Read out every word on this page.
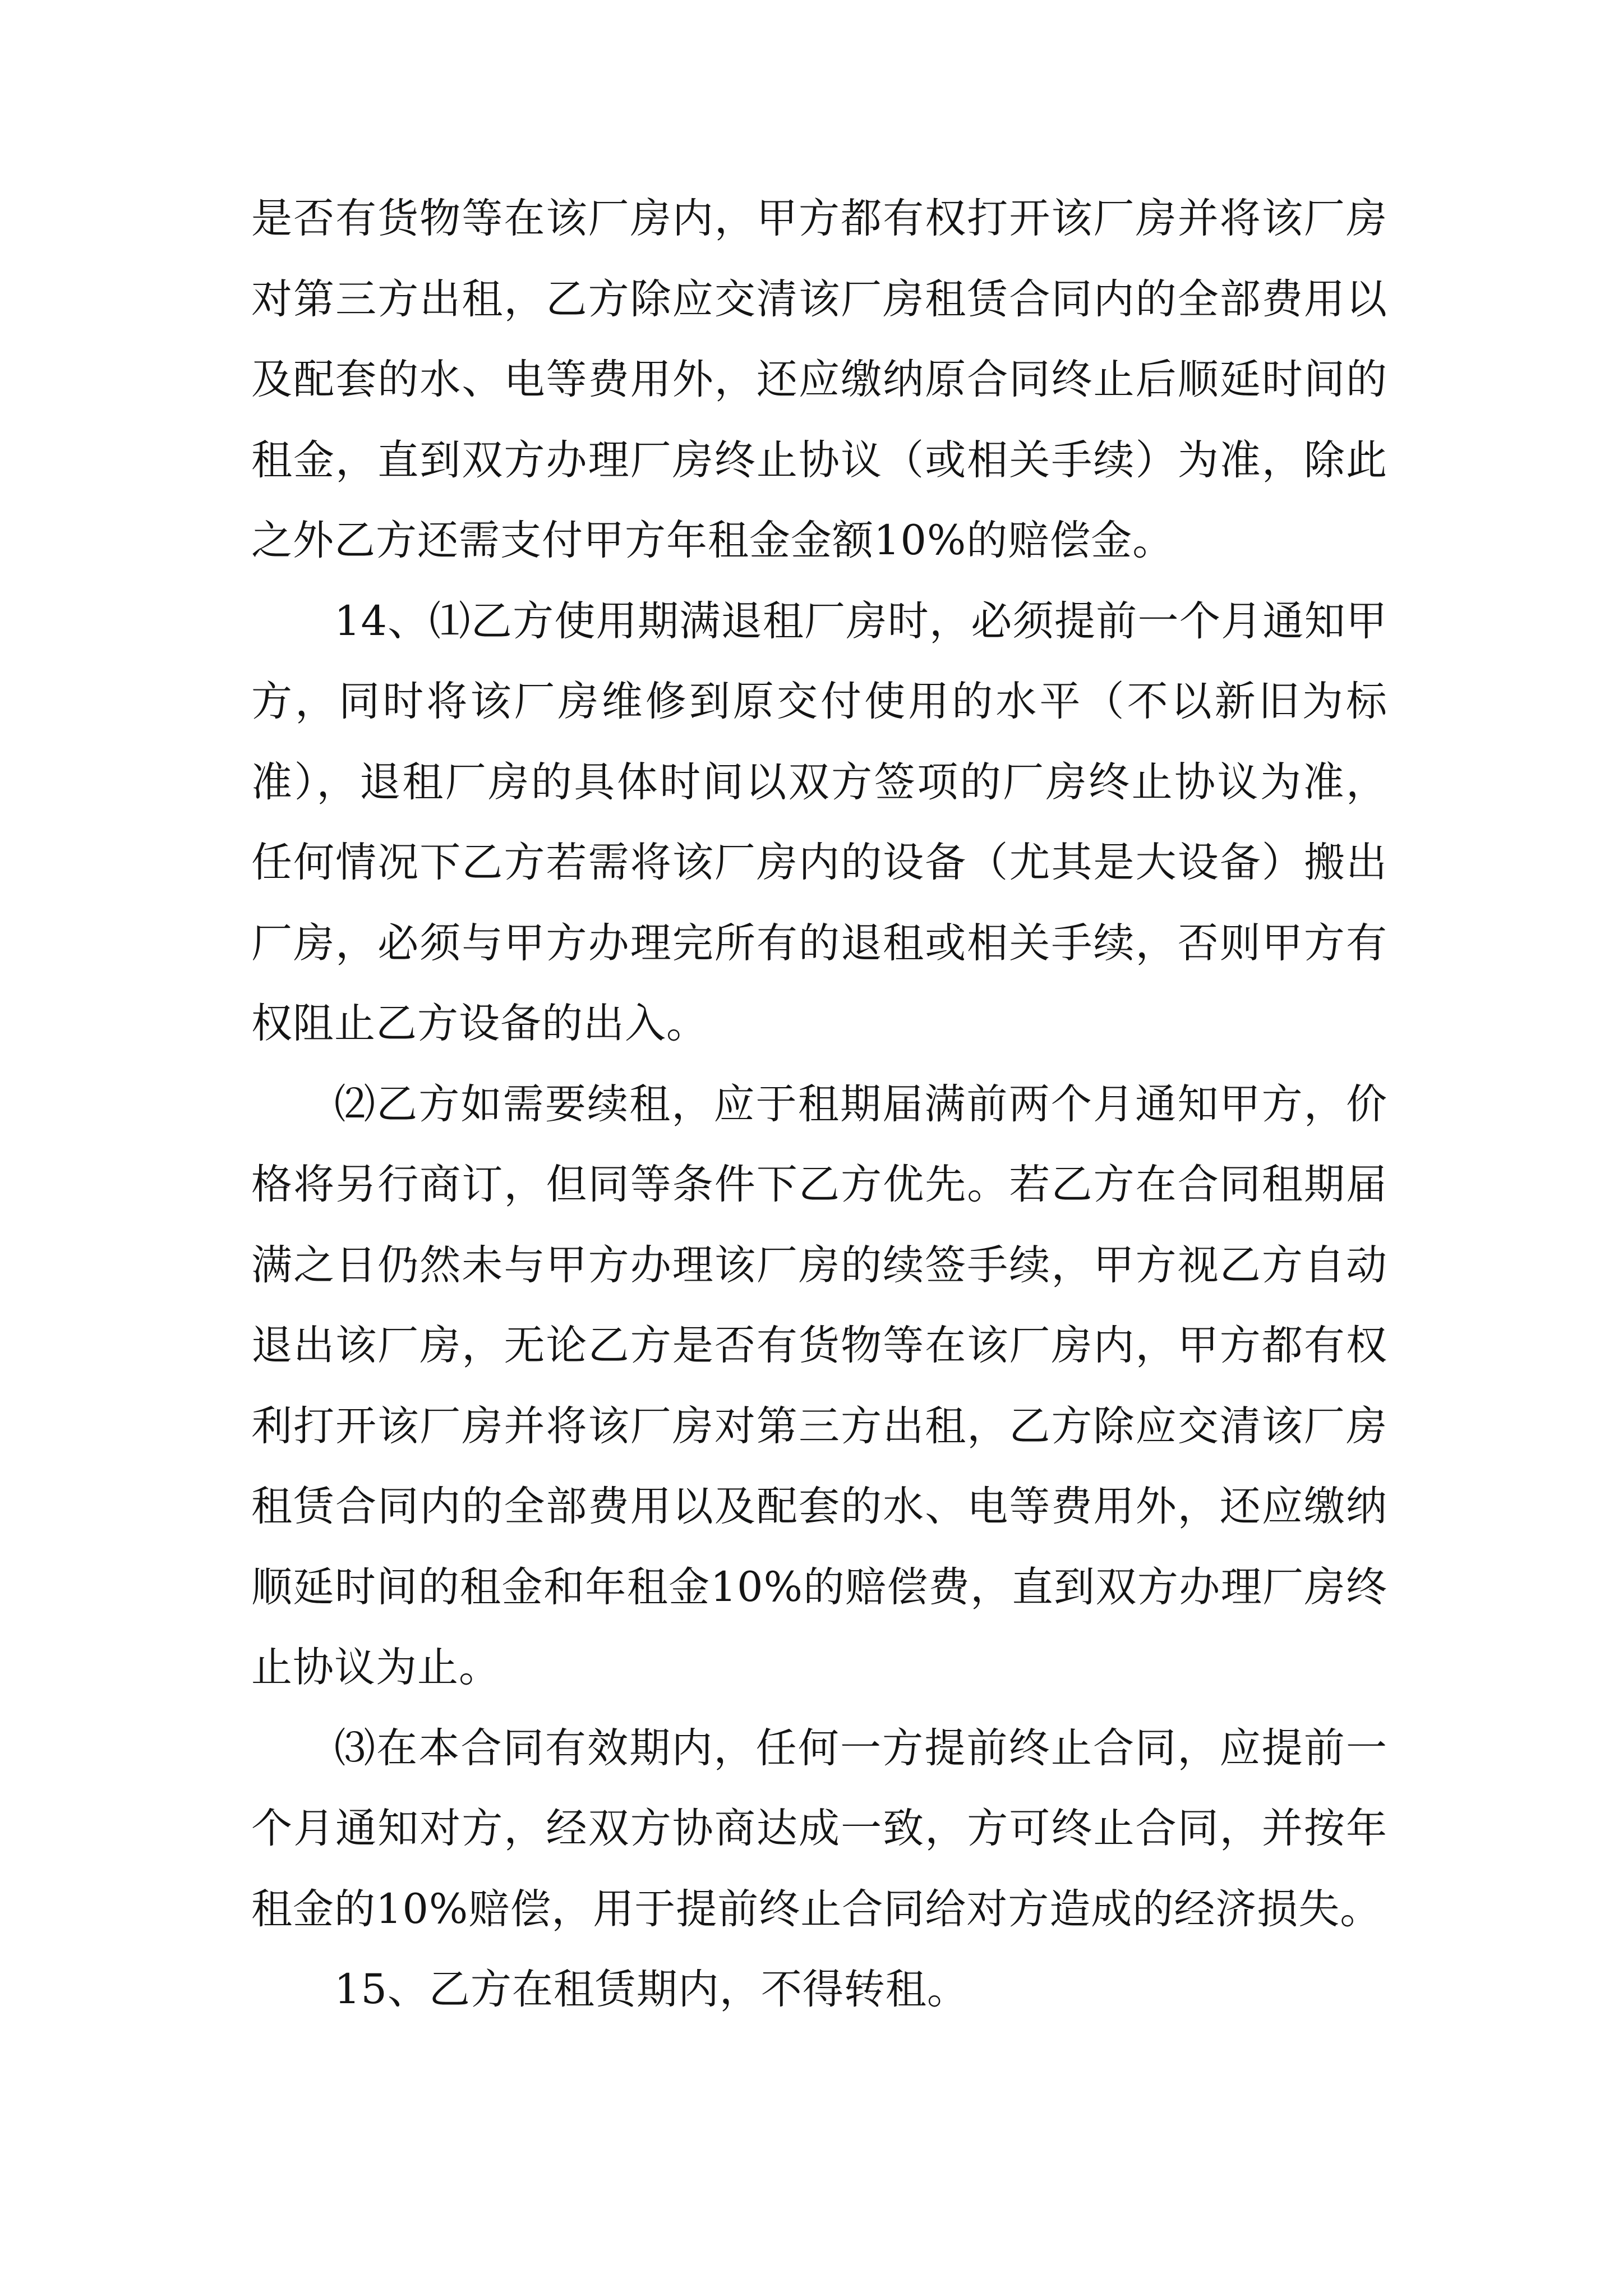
是否有货物等在该厂房内，甲方都有权打开该厂房并将该厂房对第三方出租，乙方除应交清该厂房租赁合同内的全部费用以及配套的水、电等费用外，还应缴纳原合同终止后顺延时间的租金，直到双方办理厂房终止协议（或相关手续）为准，除此之外乙方还需支付甲方年租金金额10%的赔偿金。

14、⑴乙方使用期满退租厂房时，必须提前一个月通知甲方，同时将该厂房维修到原交付使用的水平（不以新旧为标准），退租厂房的具体时间以双方签项的厂房终止协议为准，任何情况下乙方若需将该厂房内的设备（尤其是大设备）搬出厂房，必须与甲方办理完所有的退租或相关手续，否则甲方有权阻止乙方设备的出入。

⑵乙方如需要续租，应于租期届满前两个月通知甲方，价格将另行商订，但同等条件下乙方优先。若乙方在合同租期届满之日仍然未与甲方办理该厂房的续签手续，甲方视乙方自动退出该厂房，无论乙方是否有货物等在该厂房内，甲方都有权利打开该厂房并将该厂房对第三方出租，乙方除应交清该厂房租赁合同内的全部费用以及配套的水、电等费用外，还应缴纳顺延时间的租金和年租金10%的赔偿费，直到双方办理厂房终止协议为止。

⑶在本合同有效期内，任何一方提前终止合同，应提前一个月通知对方，经双方协商达成一致，方可终止合同，并按年租金的10%赔偿，用于提前终止合同给对方造成的经济损失。

15、乙方在租赁期内，不得转租。
